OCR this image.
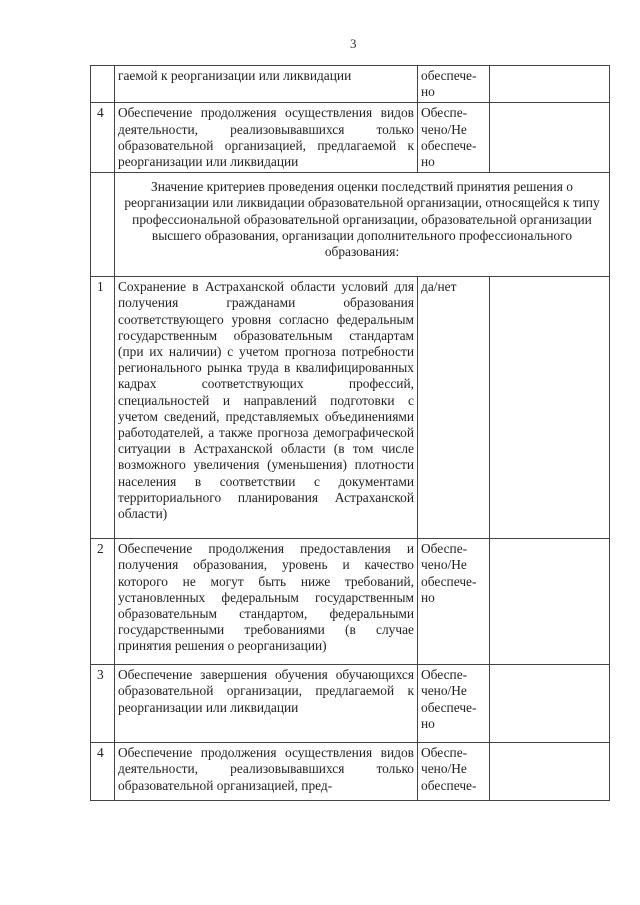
3
	гаемой к реорганизации или ликвидации	обеспече-но	
4	Обеспечение продолжения осуществления видов деятельности, реализовывавшихся только образовательной организацией, предлагаемой к реорганизации или ликвидации	Обеспе-чено/Не обеспече-но	
	Значение критериев проведения оценки последствий принятия решения о реорганизации или ликвидации образовательной организации, относящейся к типу профессиональной образовательной организации, образовательной организации высшего образования, организации дополнительного профессионального образования:		
1	Сохранение в Астраханской области условий для получения гражданами образования соответствующего уровня согласно федеральным государственным образовательным стандартам (при их наличии) с учетом прогноза потребности регионального рынка труда в квалифицированных кадрах соответствующих профессий, специальностей и направлений подготовки с учетом сведений, представляемых объединениями работодателей, а также прогноза демографической ситуации в Астраханской области (в том числе возможного увеличения (уменьшения) плотности населения в соответствии с документами территориального планирования Астраханской области)	да/нет	
2	Обеспечение продолжения предоставления и получения образования, уровень и качество которого не могут быть ниже требований, установленных федеральным государственным образовательным стандартом, федеральными государственными требованиями (в случае принятия решения о реорганизации)	Обеспе-чено/Не обеспече-но	
3	Обеспечение завершения обучения обучающихся образовательной организации, предлагаемой к реорганизации или ликвидации	Обеспе-чено/Не обеспече-но	
4	Обеспечение продолжения осуществления видов деятельности, реализовывавшихся только образовательной организацией, пред-	Обеспе-чено/Не обеспече-	
